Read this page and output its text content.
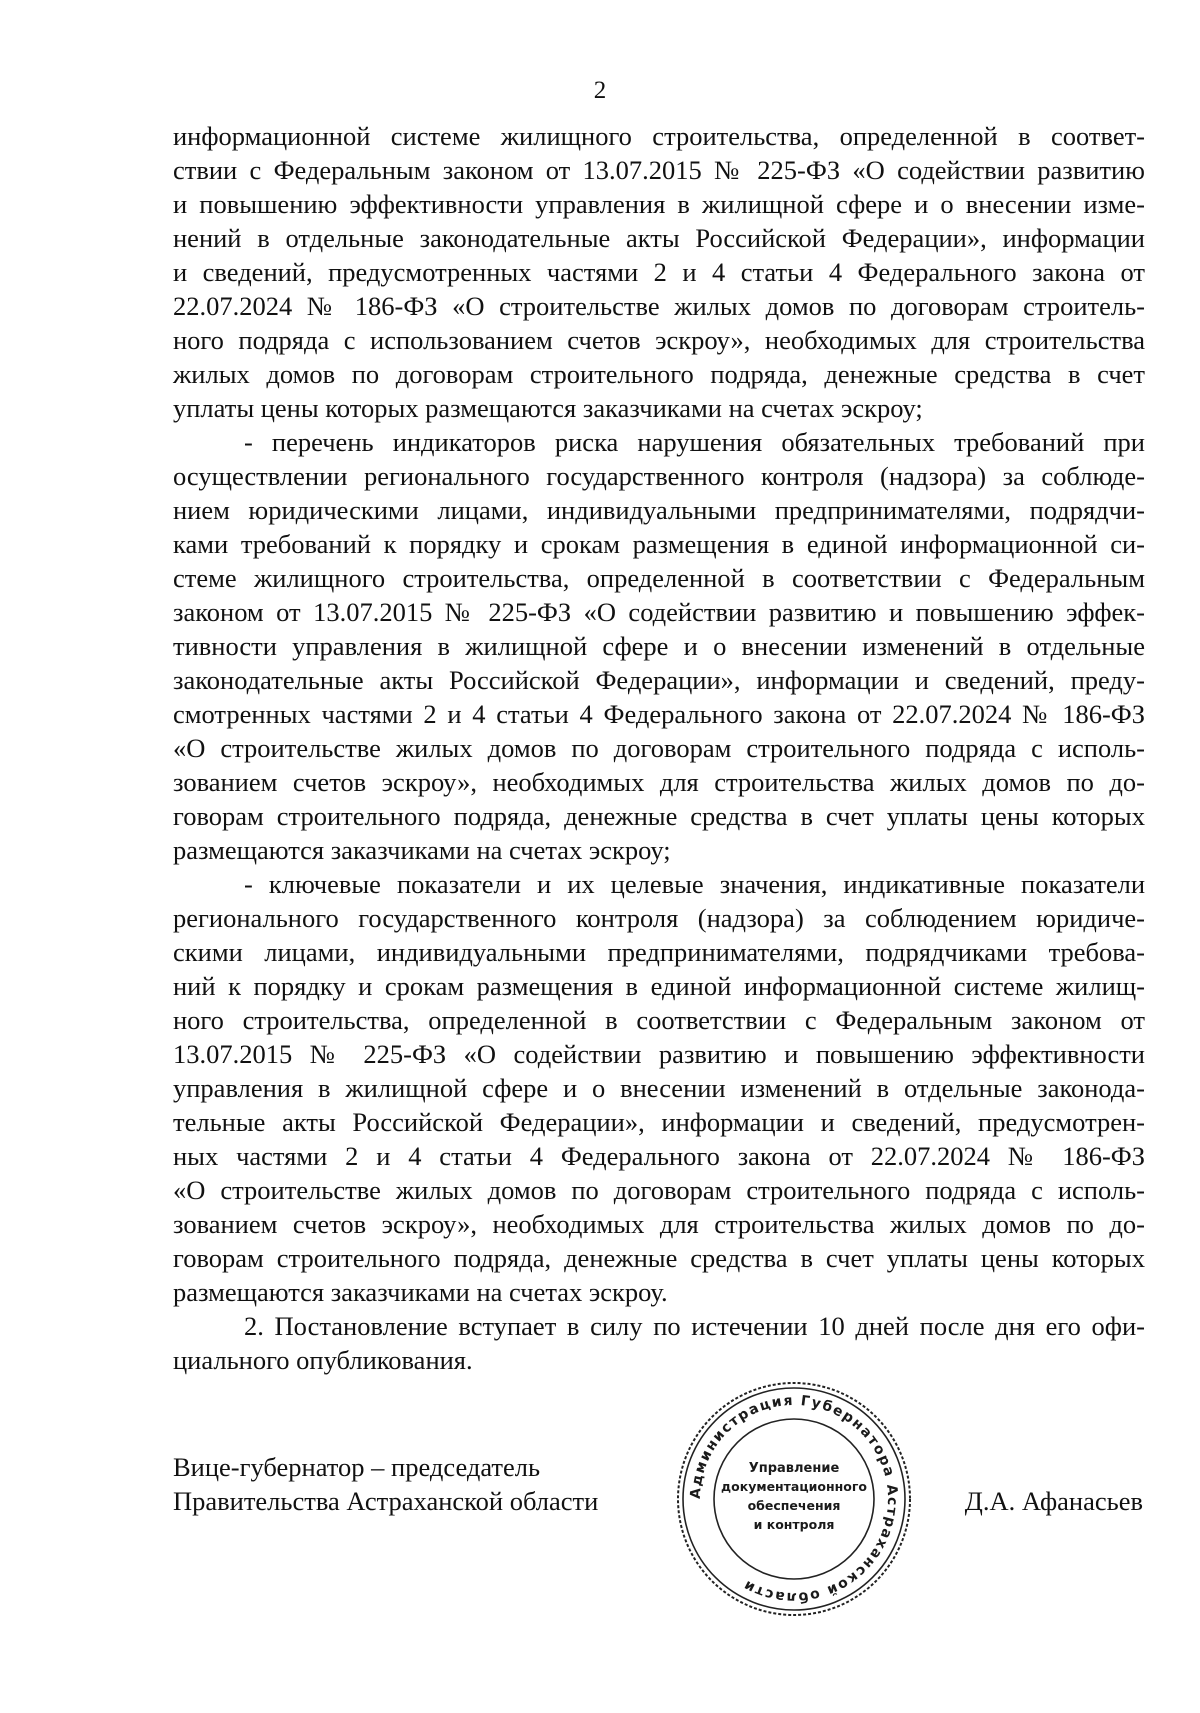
2
информационной системе жилищного строительства, определенной в соответ-
ствии с Федеральным законом от 13.07.2015 № 225-ФЗ «О содействии развитию
и повышению эффективности управления в жилищной сфере и о внесении изме-
нений в отдельные законодательные акты Российской Федерации», информации
и сведений, предусмотренных частями 2 и 4 статьи 4 Федерального закона от
22.07.2024 № 186-ФЗ «О строительстве жилых домов по договорам строитель-
ного подряда с использованием счетов эскроу», необходимых для строительства
жилых домов по договорам строительного подряда, денежные средства в счет
уплаты цены которых размещаются заказчиками на счетах эскроу;
- перечень индикаторов риска нарушения обязательных требований при
осуществлении регионального государственного контроля (надзора) за соблюде-
нием юридическими лицами, индивидуальными предпринимателями, подрядчи-
ками требований к порядку и срокам размещения в единой информационной си-
стеме жилищного строительства, определенной в соответствии с Федеральным
законом от 13.07.2015 № 225-ФЗ «О содействии развитию и повышению эффек-
тивности управления в жилищной сфере и о внесении изменений в отдельные
законодательные акты Российской Федерации», информации и сведений, преду-
смотренных частями 2 и 4 статьи 4 Федерального закона от 22.07.2024 № 186-ФЗ
«О строительстве жилых домов по договорам строительного подряда с исполь-
зованием счетов эскроу», необходимых для строительства жилых домов по до-
говорам строительного подряда, денежные средства в счет уплаты цены которых
размещаются заказчиками на счетах эскроу;
- ключевые показатели и их целевые значения, индикативные показатели
регионального государственного контроля (надзора) за соблюдением юридиче-
скими лицами, индивидуальными предпринимателями, подрядчиками требова-
ний к порядку и срокам размещения в единой информационной системе жилищ-
ного строительства, определенной в соответствии с Федеральным законом от
13.07.2015 № 225-ФЗ «О содействии развитию и повышению эффективности
управления в жилищной сфере и о внесении изменений в отдельные законода-
тельные акты Российской Федерации», информации и сведений, предусмотрен-
ных частями 2 и 4 статьи 4 Федерального закона от 22.07.2024 № 186-ФЗ
«О строительстве жилых домов по договорам строительного подряда с исполь-
зованием счетов эскроу», необходимых для строительства жилых домов по до-
говорам строительного подряда, денежные средства в счет уплаты цены которых
размещаются заказчиками на счетах эскроу.
2. Постановление вступает в силу по истечении 10 дней после дня его офи-
циального опубликования.
Вице-губернатор – председатель
Правительства Астраханской области	Д.А. Афанасьев
Администрация Губернатора Астраханской области
Управление
документационного
обеспечения
и контроля
